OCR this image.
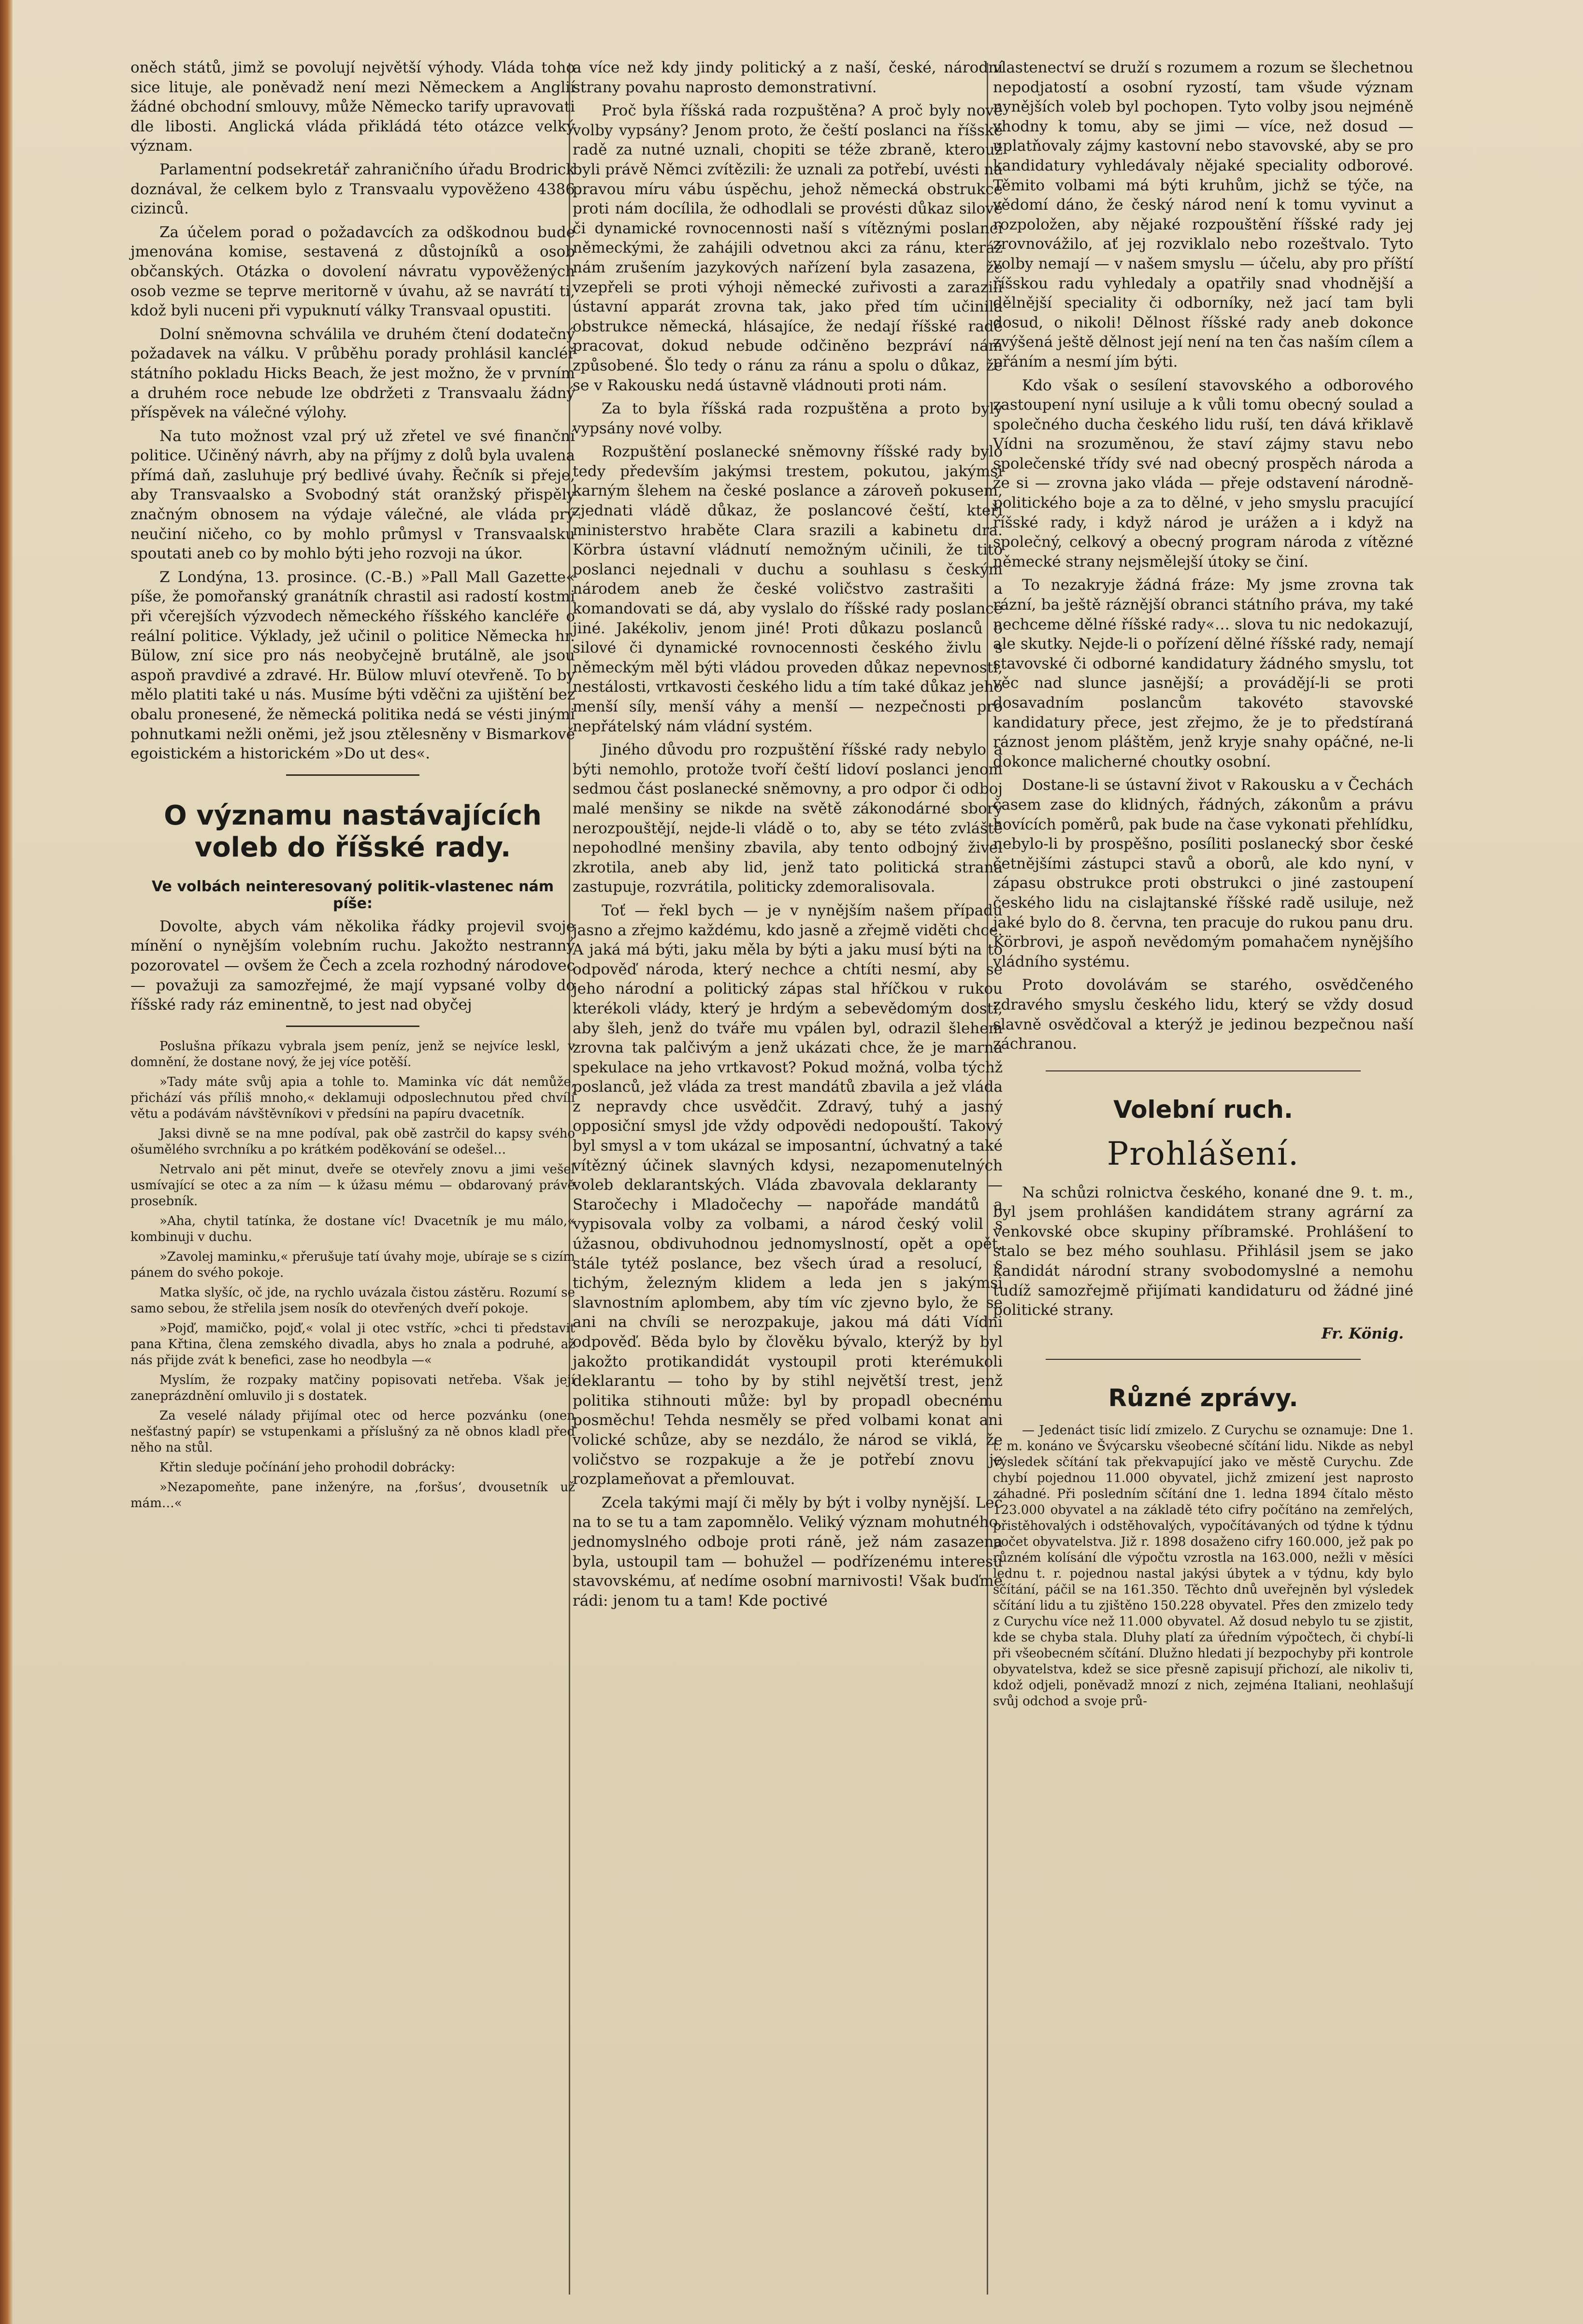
oněch států, jimž se povolují největší výhody. Vláda toho sice lituje, ale poněvadž není mezi Německem a Anglií žádné obchodní smlouvy, může Německo tarify upravovati dle libosti. Anglická vláda přikládá této otázce velký význam.

Parlamentní podsekretář zahraničního úřadu Brodrick doznával, že celkem bylo z Transvaalu vypověženo 4386 cizinců.

Za účelem porad o požadavcích za odškodnou bude jmenována komise, sestavená z důstojníků a osob občanských. Otázka o dovolení návratu vypověžených osob vezme se teprve meritorně v úvahu, až se navrátí ti, kdož byli nuceni při vypuknutí války Transvaal opustiti.

Dolní sněmovna schválila ve druhém čtení dodatečný požadavek na válku. V průběhu porady prohlásil kancléř státního pokladu Hicks Beach, že jest možno, že v prvním a druhém roce nebude lze obdržeti z Transvaalu žádný příspěvek na válečné výlohy.

Na tuto možnost vzal prý už zřetel ve své finanční politice. Učiněný návrh, aby na příjmy z dolů byla uvalena přímá daň, zasluhuje prý bedlivé úvahy. Řečník si přeje, aby Transvaalsko a Svobodný stát oranžský přispěly značným obnosem na výdaje válečné, ale vláda prý neučiní ničeho, co by mohlo průmysl v Transvaalsku spoutati aneb co by mohlo býti jeho rozvoji na úkor.

Z Londýna, 13. prosince. (C.-B.) »Pall Mall Gazette« píše, že pomořanský granátník chrastil asi radostí kostmi při včerejších výzvodech německého říšského kancléře o reální politice. Výklady, jež učinil o politice Německa hr. Bülow, zní sice pro nás neobyčejně brutálně, ale jsou aspoň pravdivé a zdravé. Hr. Bülow mluví otevřeně. To by mělo platiti také u nás. Musíme býti vděčni za ujištění bez obalu pronesené, že německá politika nedá se vésti jinými pohnutkami nežli oněmi, jež jsou ztělesněny v Bismarkově egoistickém a historickém »Do ut des«.

O významu nastávajících voleb do říšské rady.
Ve volbách neinteresovaný politik-vlastenec nám píše:

Dovolte, abych vám několika řádky projevil svoje mínění o nynějším volebním ruchu. Jakožto nestranný pozorovatel — ovšem že Čech a zcela rozhodný národovec — považuji za samozřejmé, že mají vypsané volby do říšské rady ráz eminentně, to jest nad obyčej

Poslušna příkazu vybrala jsem peníz, jenž se nejvíce leskl, v domnění, že dostane nový, že jej více potěší.

»Tady máte svůj apia a tohle to. Maminka víc dát nemůže, přichází vás příliš mnoho,« deklamuji odposlechnutou před chvílí větu a podávám návštěvníkovi v předsíni na papíru dvacetník.

Jaksi divně se na mne podíval, pak obě zastrčil do kapsy svého ošumělého svrchníku a po krátkém poděkování se odešel…

Netrvalo ani pět minut, dveře se otevřely znovu a jimi vešel usmívající se otec a za ním — k úžasu mému — obdarovaný právě prosebník.

»Aha, chytil tatínka, že dostane víc! Dvacetník je mu málo,« kombinuji v duchu.

»Zavolej maminku,« přerušuje tatí úvahy moje, ubíraje se s cizím pánem do svého pokoje.

Matka slyšíc, oč jde, na rychlo uvázala čistou zástěru. Rozumí se samo sebou, že střelila jsem nosík do otevřených dveří pokoje.

»Pojď, mamičko, pojď,« volal ji otec vstříc, »chci ti představit pana Křtina, člena zemského divadla, abys ho znala a podruhé, až nás přijde zvát k benefici, zase ho neodbyla —«

Myslím, že rozpaky matčiny popisovati netřeba. Však její zaneprázdnění omluvilo ji s dostatek.

Za veselé nálady přijímal otec od herce pozvánku (onen nešťastný papír) se vstupenkami a příslušný za ně obnos kladl před něho na stůl.

Křtin sleduje počínání jeho prohodil dobrácky:

»Nezapomeňte, pane inženýre, na ‚foršus‘, dvousetník už mám…«

a více než kdy jindy politický a z naší, české, národní strany povahu naprosto demonstrativní.

Proč byla říšská rada rozpuštěna? A proč byly nové volby vypsány? Jenom proto, že čeští poslanci na říšské radě za nutné uznali, chopiti se téže zbraně, kterouž byli právě Němci zvítězili: že uznali za potřebí, uvésti na pravou míru vábu úspěchu, jehož německá obstrukce proti nám docílila, že odhodlali se provésti důkaz silové či dynamické rovnocennosti naší s vítěznými poslanci německými, že zahájili odvetnou akci za ránu, kteráž nám zrušením jazykových nařízení byla zasazena, že vzepřeli se proti výhoji německé zuřivosti a zarazili ústavní apparát zrovna tak, jako před tím učinila obstrukce německá, hlásajíce, že nedají říšské radě pracovat, dokud nebude odčiněno bezpráví nám způsobené. Šlo tedy o ránu za ránu a spolu o důkaz, že se v Rakousku nedá ústavně vládnouti proti nám.

Za to byla říšská rada rozpuštěna a proto byly vypsány nové volby.

Rozpuštění poslanecké sněmovny říšské rady bylo tedy především jakýmsi trestem, pokutou, jakýmsi karným šlehem na české poslance a zároveň pokusem, zjednati vládě důkaz, že poslancové čeští, kteří ministerstvo hraběte Clara srazili a kabinetu dra. Körbra ústavní vládnutí nemožným učinili, že tito poslanci nejednali v duchu a souhlasu s českým národem aneb že české voličstvo zastrašiti a komandovati se dá, aby vyslalo do říšské rady poslance jiné. Jakékoliv, jenom jiné! Proti důkazu poslanců o silové či dynamické rovnocennosti českého živlu s německým měl býti vládou proveden důkaz nepevnosti, nestálosti, vrtkavosti českého lidu a tím také důkaz jeho menší síly, menší váhy a menší — nezpečnosti pro nepřátelský nám vládní systém.

Jiného důvodu pro rozpuštění říšské rady nebylo a býti nemohlo, protože tvoří čeští lidoví poslanci jenom sedmou část poslanecké sněmovny, a pro odpor či odboj malé menšiny se nikde na světě zákonodárné sbory nerozpouštějí, nejde-li vládě o to, aby se této zvláště nepohodlné menšiny zbavila, aby tento odbojný živel zkrotila, aneb aby lid, jenž tato politická strana zastupuje, rozvrátila, politicky zdemoralisovala.

Toť — řekl bych — je v nynějším našem případu jasno a zřejmo každému, kdo jasně a zřejmě viděti chce. A jaká má býti, jaku měla by býti a jaku musí býti na to odpověď národa, který nechce a chtíti nesmí, aby se jeho národní a politický zápas stal hříčkou v rukou kterékoli vlády, který je hrdým a sebevědomým dosti, aby šleh, jenž do tváře mu vpálen byl, odrazil šlehem zrovna tak palčivým a jenž ukázati chce, že je marna spekulace na jeho vrtkavost? Pokud možná, volba týchž poslanců, jež vláda za trest mandátů zbavila a jež vláda z nepravdy chce usvědčit. Zdravý, tuhý a jasný opposiční smysl jde vždy odpovědi nedopouští. Takový byl smysl a v tom ukázal se imposantní, úchvatný a také vítězný účinek slavných kdysi, nezapomenutelných voleb deklarantských. Vláda zbavovala deklaranty — Staročechy i Mladočechy — napořáde mandátů a vypisovala volby za volbami, a národ český volil s úžasnou, obdivuhodnou jednomyslností, opět a opět, stále tytéž poslance, bez všech úrad a resolucí, s tichým, železným klidem a leda jen s jakýmsi slavnostním aplombem, aby tím víc zjevno bylo, že se ani na chvíli se nerozpakuje, jakou má dáti Vídni odpověď. Běda bylo by člověku bývalo, kterýž by byl jakožto protikandidát vystoupil proti kterémukoli deklarantu — toho by by stihl největší trest, jenž politika stihnouti může: byl by propadl obecnému posměchu! Tehda nesměly se před volbami konat ani volické schůze, aby se nezdálo, že národ se viklá, že voličstvo se rozpakuje a že je potřebí znovu je rozplameňovat a přemlouvat.

Zcela takými mají či měly by být i volby nynější. Leč na to se tu a tam zapomnělo. Veliký význam mohutného, jednomyslného odboje proti ráně, jež nám zasazena byla, ustoupil tam — bohužel — podřízenému interesu stavovskému, ať nedíme osobní marnivosti! Však buďme rádi: jenom tu a tam! Kde poctivé

vlastenectví se druží s rozumem a rozum se šlechetnou nepodjatostí a osobní ryzostí, tam všude význam nynějších voleb byl pochopen. Tyto volby jsou nejméně vhodny k tomu, aby se jimi — více, než dosud — uplatňovaly zájmy kastovní nebo stavovské, aby se pro kandidatury vyhledávaly nějaké speciality odborové. Těmito volbami má býti kruhům, jichž se týče, na vědomí dáno, že český národ není k tomu vyvinut a rozpoložen, aby nějaké rozpouštění říšské rady jej zrovnovážilo, ať jej rozviklalo nebo rozeštvalo. Tyto volby nemají — v našem smyslu — účelu, aby pro příští říšskou radu vyhledaly a opatřily snad vhodnější a dělnější speciality či odborníky, než jací tam byli dosud, o nikoli! Dělnost říšské rady aneb dokonce zvýšená ještě dělnost její není na ten čas naším cílem a přáním a nesmí jím býti.

Kdo však o sesílení stavovského a odborového zastoupení nyní usiluje a k vůli tomu obecný soulad a společného ducha českého lidu ruší, ten dává křiklavě Vídni na srozuměnou, že staví zájmy stavu nebo společenské třídy své nad obecný prospěch národa a že si — zrovna jako vláda — přeje odstavení národně-politického boje a za to dělné, v jeho smyslu pracující říšské rady, i když národ je urážen a i když na společný, celkový a obecný program národa z vítězné německé strany nejsmělejší útoky se činí.

To nezakryje žádná fráze: My jsme zrovna tak rázní, ba ještě ráznější obranci státního práva, my také nechceme dělné říšské rady«… slova tu nic nedokazují, ale skutky. Nejde-li o pořízení dělné říšské rady, nemají stavovské či odborné kandidatury žádného smyslu, tot věc nad slunce jasnější; a provádějí-li se proti dosavadním poslancům takovéto stavovské kandidatury přece, jest zřejmo, že je to předstíraná ráznost jenom pláštěm, jenž kryje snahy opáčné, ne-li dokonce malicherné choutky osobní.

Dostane-li se ústavní život v Rakousku a v Čechách časem zase do klidných, řádných, zákonům a právu hovících poměrů, pak bude na čase vykonati přehlídku, nebylo-li by prospěšno, posíliti poslanecký sbor české četnějšími zástupci stavů a oborů, ale kdo nyní, v zápasu obstrukce proti obstrukci o jiné zastoupení českého lidu na cislajtanské říšské radě usiluje, než jaké bylo do 8. června, ten pracuje do rukou panu dru. Körbrovi, je aspoň nevědomým pomahačem nynějšího vládního systému.

Proto dovolávám se starého, osvědčeného zdravého smyslu českého lidu, který se vždy dosud slavně osvědčoval a kterýž je jedinou bezpečnou naší záchranou.

Volební ruch.
Prohlášení.

Na schůzi rolnictva českého, konané dne 9. t. m., byl jsem prohlášen kandidátem strany agrární za venkovské obce skupiny příbramské. Prohlášení to stalo se bez mého souhlasu. Přihlásil jsem se jako kandidát národní strany svobodomyslné a nemohu tudíž samozřejmě přijímati kandidaturu od žádné jiné politické strany.

Fr. König.
Různé zprávy.

— Jedenáct tisíc lidí zmizelo. Z Curychu se oznamuje: Dne 1. t. m. konáno ve Švýcarsku všeobecné sčítání lidu. Nikde as nebyl výsledek sčítání tak překvapující jako ve městě Curychu. Zde chybí pojednou 11.000 obyvatel, jichž zmizení jest naprosto záhadné. Při posledním sčítání dne 1. ledna 1894 čítalo město 123.000 obyvatel a na základě této cifry počítáno na zemřelých, přistěhovalých i odstěhovalých, vypočítávaných od týdne k týdnu počet obyvatelstva. Již r. 1898 dosaženo cifry 160.000, jež pak po různém kolísání dle výpočtu vzrostla na 163.000, nežli v měsíci lednu t. r. pojednou nastal jakýsi úbytek a v týdnu, kdy bylo sčítání, páčil se na 161.350. Těchto dnů uveřejněn byl výsledek sčítání lidu a tu zjištěno 150.228 obyvatel. Přes den zmizelo tedy z Curychu více než 11.000 obyvatel. Až dosud nebylo tu se zjistit, kde se chyba stala. Dluhy platí za úředním výpočtech, či chybí-li při všeobecném sčítání. Dlužno hledati jí bezpochyby při kontrole obyvatelstva, kdež se sice přesně zapisují přichozí, ale nikoliv ti, kdož odjeli, poněvadž mnozí z nich, zejména Italiani, neohlašují svůj odchod a svoje prů-
